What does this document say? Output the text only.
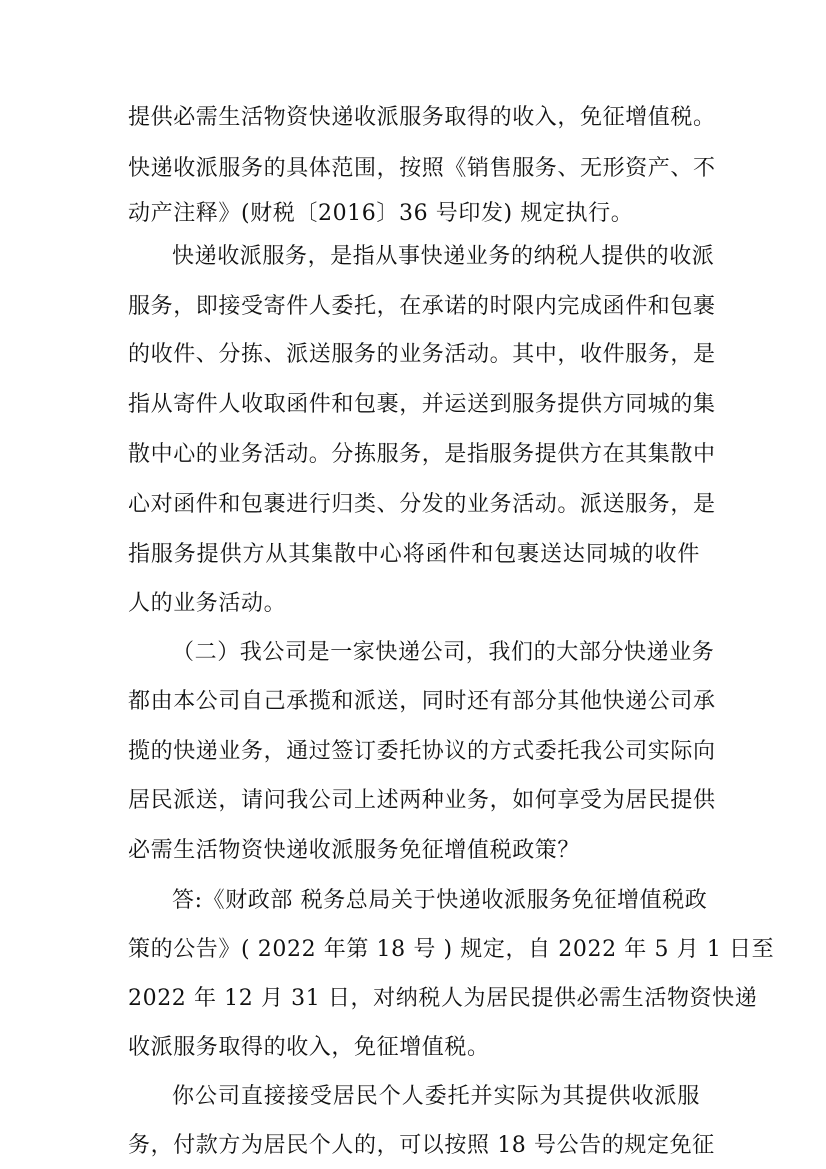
提供必需生活物资快递收派服务取得的收入，免征增值税。
快递收派服务的具体范围，按照《销售服务、无形资产、不
动产注释》(财税〔2016〕36 号印发) 规定执行。
快递收派服务，是指从事快递业务的纳税人提供的收派
服务，即接受寄件人委托，在承诺的时限内完成函件和包裹
的收件、分拣、派送服务的业务活动。其中，收件服务，是
指从寄件人收取函件和包裹，并运送到服务提供方同城的集
散中心的业务活动。分拣服务，是指服务提供方在其集散中
心对函件和包裹进行归类、分发的业务活动。派送服务，是
指服务提供方从其集散中心将函件和包裹送达同城的收件
人的业务活动。
（二）我公司是一家快递公司，我们的大部分快递业务
都由本公司自己承揽和派送，同时还有部分其他快递公司承
揽的快递业务，通过签订委托协议的方式委托我公司实际向
居民派送，请问我公司上述两种业务，如何享受为居民提供
必需生活物资快递收派服务免征增值税政策？
答:《财政部 税务总局关于快递收派服务免征增值税政
策的公告》( 2022 年第 18 号 ) 规定，自 2022 年 5 月 1 日至
2022 年 12 月 31 日，对纳税人为居民提供必需生活物资快递
收派服务取得的收入，免征增值税。
你公司直接接受居民个人委托并实际为其提供收派服
务，付款方为居民个人的，可以按照 18 号公告的规定免征
